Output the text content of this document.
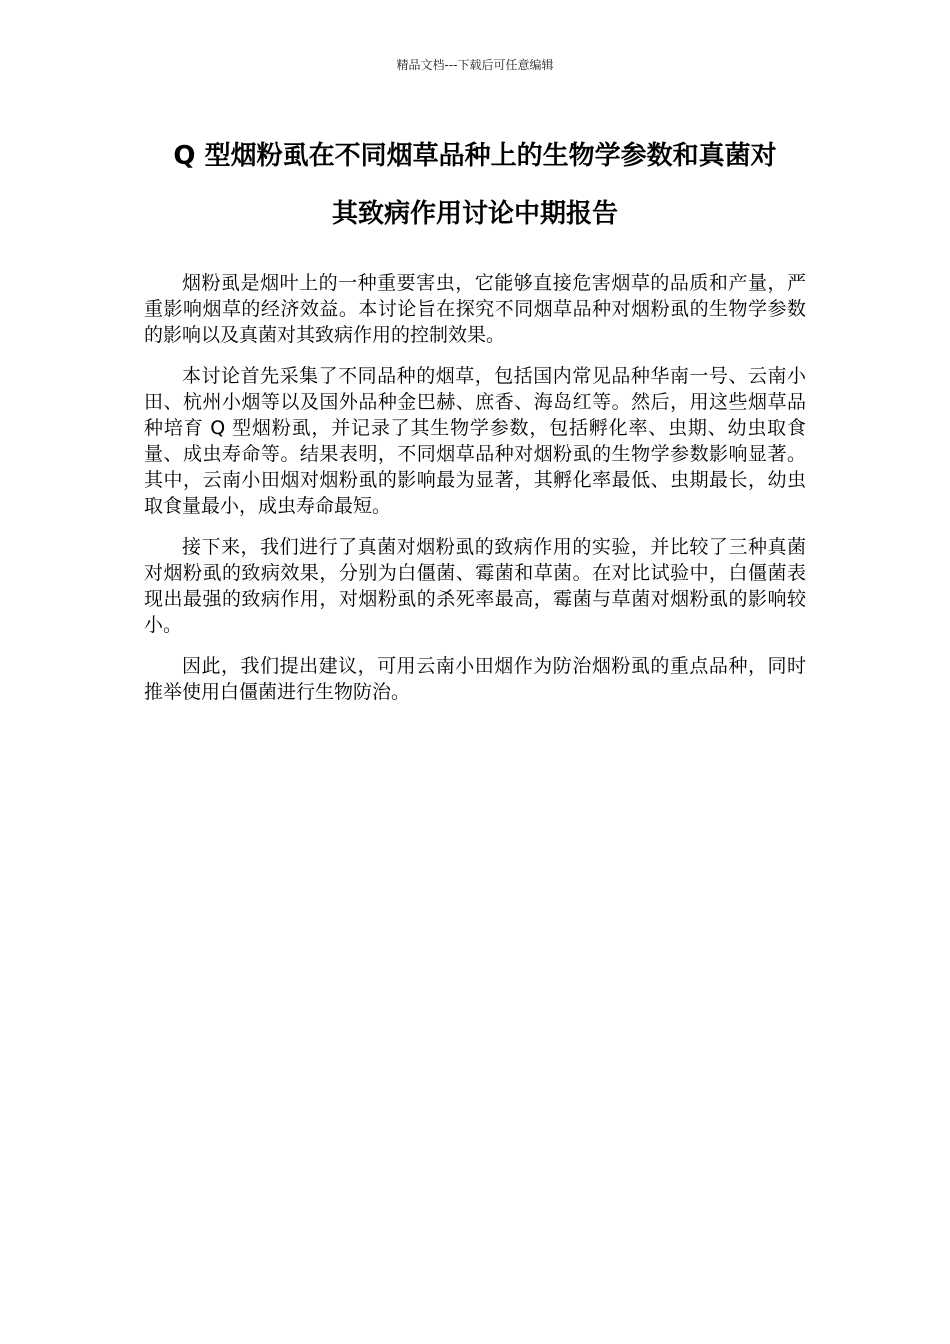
精品文档---下载后可任意编辑
Q 型烟粉虱在不同烟草品种上的生物学参数和真菌对
其致病作用讨论中期报告

烟粉虱是烟叶上的一种重要害虫，它能够直接危害烟草的品质和产量，严重影响烟草的经济效益。本讨论旨在探究不同烟草品种对烟粉虱的生物学参数的影响以及真菌对其致病作用的控制效果。

本讨论首先采集了不同品种的烟草，包括国内常见品种华南一号、云南小田、杭州小烟等以及国外品种金巴赫、庶香、海岛红等。然后，用这些烟草品种培育 Q 型烟粉虱，并记录了其生物学参数，包括孵化率、虫期、幼虫取食量、成虫寿命等。结果表明，不同烟草品种对烟粉虱的生物学参数影响显著。其中，云南小田烟对烟粉虱的影响最为显著，其孵化率最低、虫期最长，幼虫取食量最小，成虫寿命最短。

接下来，我们进行了真菌对烟粉虱的致病作用的实验，并比较了三种真菌对烟粉虱的致病效果，分别为白僵菌、霉菌和草菌。在对比试验中，白僵菌表现出最强的致病作用，对烟粉虱的杀死率最高，霉菌与草菌对烟粉虱的影响较小。

因此，我们提出建议，可用云南小田烟作为防治烟粉虱的重点品种，同时推举使用白僵菌进行生物防治。
